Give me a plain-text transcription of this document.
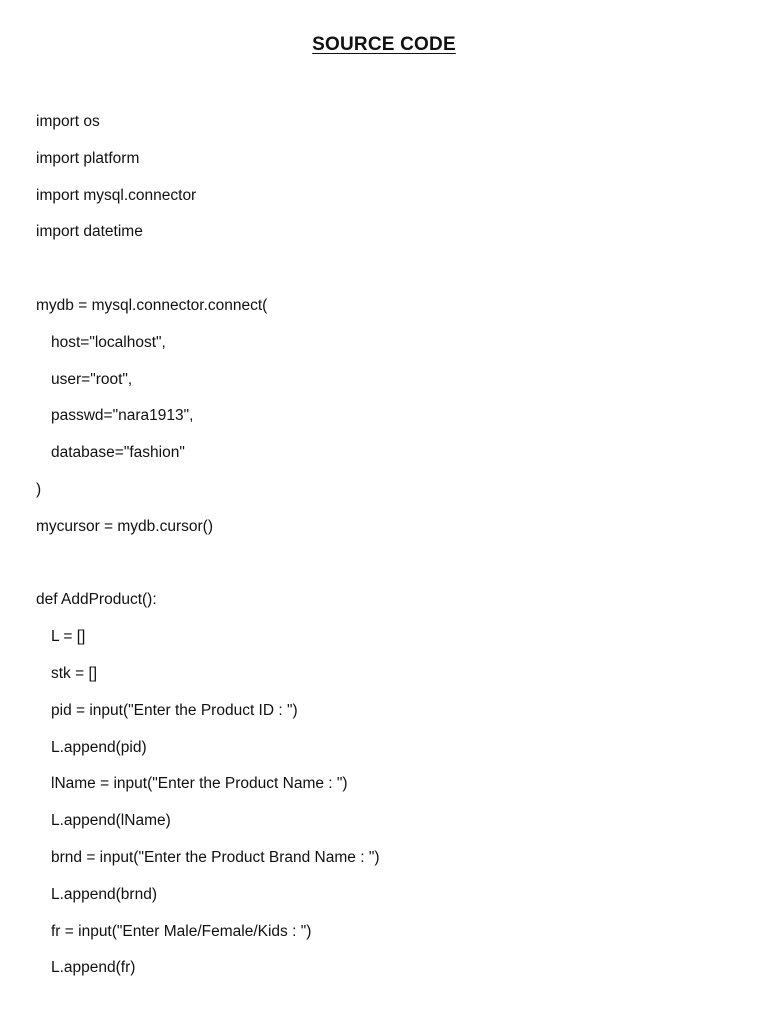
SOURCE CODE
import os
import platform
import mysql.connector
import datetime
mydb = mysql.connector.connect(
host="localhost",
user="root",
passwd="nara1913",
database="fashion"
)
mycursor = mydb.cursor()
def AddProduct():
L = []
stk = []
pid = input("Enter the Product ID : ")
L.append(pid)
lName = input("Enter the Product Name : ")
L.append(lName)
brnd = input("Enter the Product Brand Name : ")
L.append(brnd)
fr = input("Enter Male/Female/Kids : ")
L.append(fr)
